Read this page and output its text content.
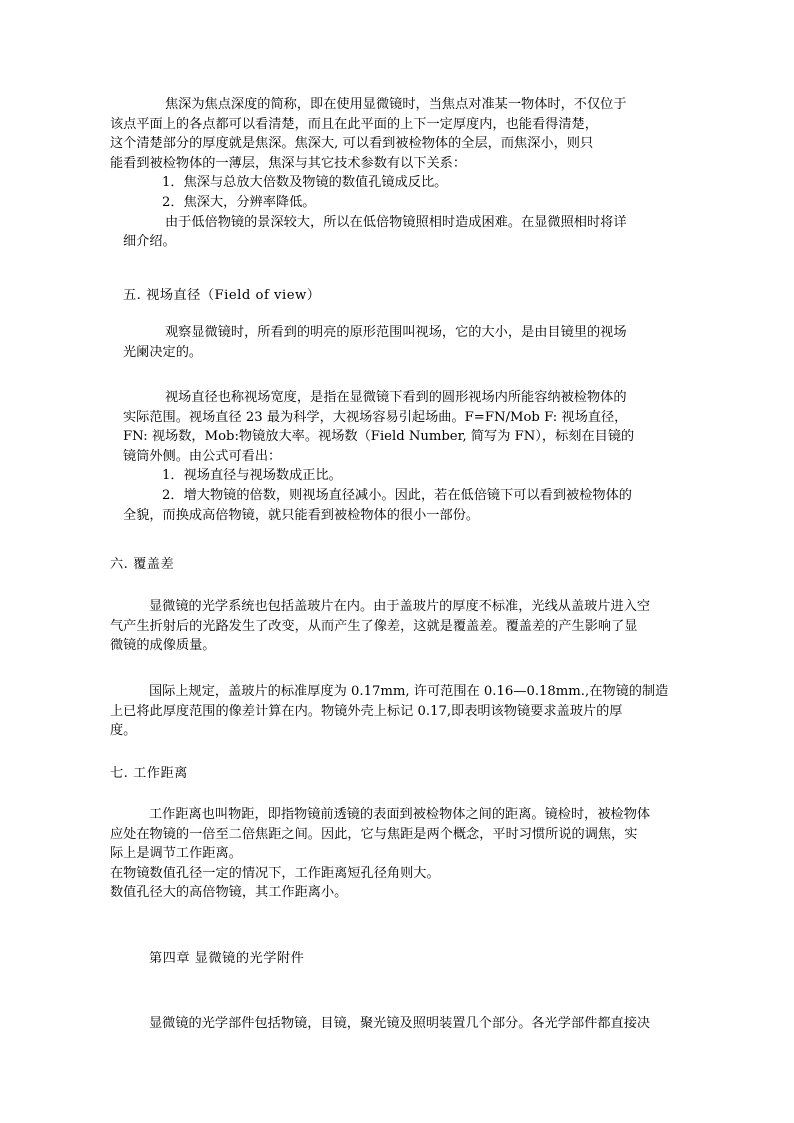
焦深为焦点深度的简称，即在使用显微镜时，当焦点对准某一物体时，不仅位于
该点平面上的各点都可以看清楚，而且在此平面的上下一定厚度内，也能看得清楚，
这个清楚部分的厚度就是焦深。焦深大, 可以看到被检物体的全层，而焦深小，则只
能看到被检物体的一薄层，焦深与其它技术参数有以下关系：
1．焦深与总放大倍数及物镜的数值孔镜成反比。
2．焦深大，分辨率降低。
由于低倍物镜的景深较大，所以在低倍物镜照相时造成困难。在显微照相时将详
细介绍。
五. 视场直径（Field of view）
观察显微镜时，所看到的明亮的原形范围叫视场，它的大小，是由目镜里的视场
光阑决定的。
视场直径也称视场宽度，是指在显微镜下看到的圆形视场内所能容纳被检物体的
实际范围。视场直径 23 最为科学，大视场容易引起场曲。F=FN/Mob F: 视场直径，
FN: 视场数，Mob:物镜放大率。视场数（Field Number, 简写为 FN），标刻在目镜的
镜筒外侧。由公式可看出：
1．视场直径与视场数成正比。
2．增大物镜的倍数，则视场直径减小。因此，若在低倍镜下可以看到被检物体的
全貌，而换成高倍物镜，就只能看到被检物体的很小一部份。
六. 覆盖差
显微镜的光学系统也包括盖玻片在内。由于盖玻片的厚度不标准，光线从盖玻片进入空
气产生折射后的光路发生了改变，从而产生了像差，这就是覆盖差。覆盖差的产生影响了显
微镜的成像质量。
国际上规定，盖玻片的标准厚度为 0.17mm, 许可范围在 0.16—0.18mm.,在物镜的制造
上已将此厚度范围的像差计算在内。物镜外壳上标记 0.17,即表明该物镜要求盖玻片的厚
度。
七. 工作距离
工作距离也叫物距，即指物镜前透镜的表面到被检物体之间的距离。镜检时，被检物体
应处在物镜的一倍至二倍焦距之间。因此，它与焦距是两个概念，平时习惯所说的调焦，实
际上是调节工作距离。
在物镜数值孔径一定的情况下，工作距离短孔径角则大。
数值孔径大的高倍物镜，其工作距离小。
第四章 显微镜的光学附件
显微镜的光学部件包括物镜，目镜，聚光镜及照明装置几个部分。各光学部件都直接决
